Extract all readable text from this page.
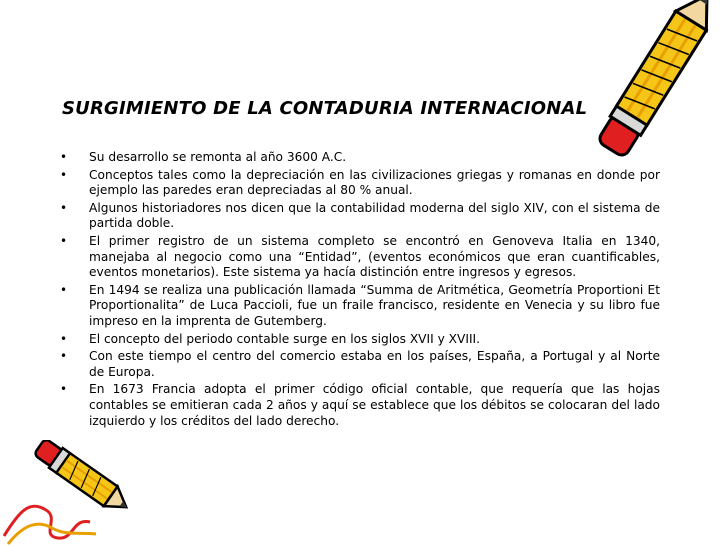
SURGIMIENTO DE LA CONTADURIA INTERNACIONAL
• Su desarrollo se remonta al año 3600 A.C.
• Conceptos tales como la depreciación en las civilizaciones griegas y romanas en donde por ejemplo las paredes eran depreciadas al 80 % anual.
• Algunos historiadores nos dicen que la contabilidad moderna del siglo XIV, con el sistema de partida doble.
• El primer registro de un sistema completo se encontró en Genoveva Italia en 1340, manejaba al negocio como una “Entidad”, (eventos económicos que eran cuantificables, eventos monetarios). Este sistema ya hacía distinción entre ingresos y egresos.
• En 1494 se realiza una publicación llamada “Summa de Aritmética, Geometría Proportioni Et Proportionalita” de Luca Paccioli, fue un fraile francisco, residente en Venecia y su libro fue impreso en la imprenta de Gutemberg.
• El concepto del periodo contable surge en los siglos XVII y XVIII.
• Con este tiempo el centro del comercio estaba en los países, España, a Portugal y al Norte de Europa.
• En 1673 Francia adopta el primer código oficial contable, que requería que las hojas contables se emitieran cada 2 años y aquí se establece que los débitos se colocaran del lado izquierdo y los créditos del lado derecho.
